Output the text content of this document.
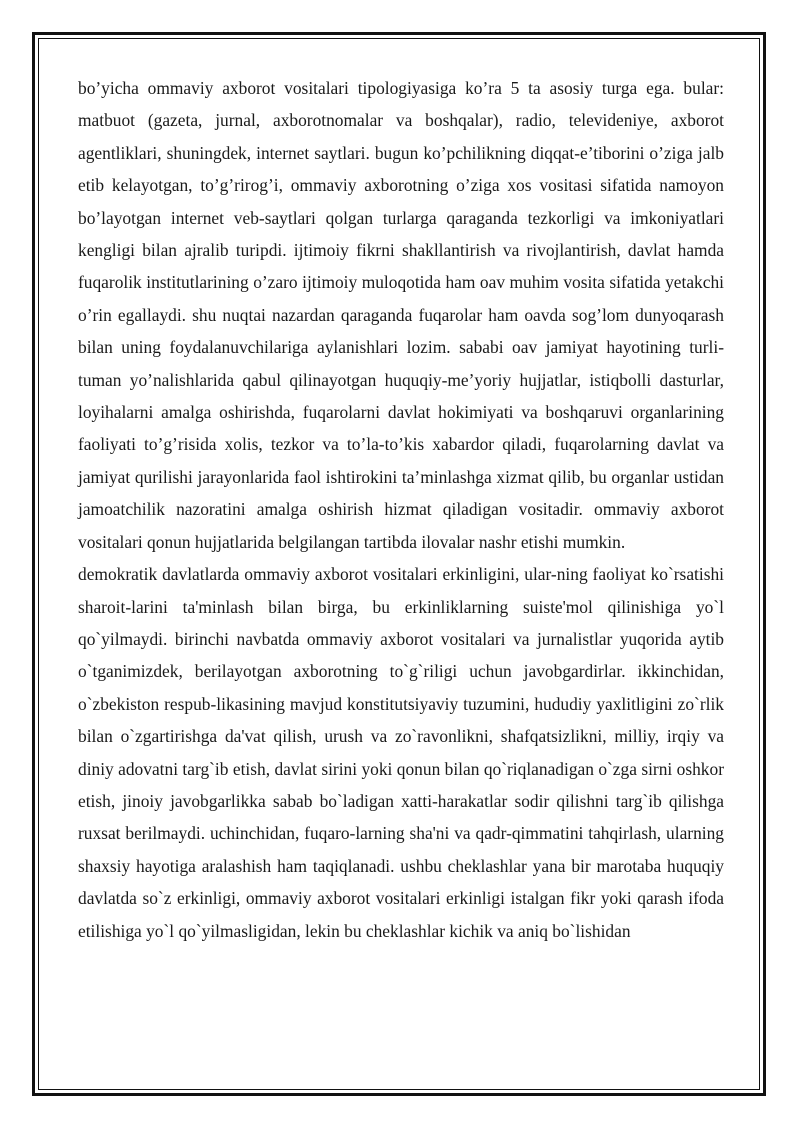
bo’yicha ommaviy axborot vositalari tipologiyasiga ko’ra 5 ta asosiy turga ega. bular: matbuot (gazeta, jurnal, axborotnomalar va boshqalar), radio, televideniye, axborot agentliklari, shuningdek, internet saytlari. bugun ko’pchilikning diqqat-e’tiborini o’ziga jalb etib kelayotgan, to’g’rirog’i, ommaviy axborotning o’ziga xos vositasi sifatida namoyon bo’layotgan internet veb-saytlari qolgan turlarga qaraganda tezkorligi va imkoniyatlari kengligi bilan ajralib turipdi. ijtimoiy fikrni shakllantirish va rivojlantirish, davlat hamda fuqarolik institutlarining o’zaro ijtimoiy muloqotida ham oav muhim vosita sifatida yetakchi o’rin egallaydi. shu nuqtai nazardan qaraganda fuqarolar ham oavda sog’lom dunyoqarash bilan uning foydalanuvchilariga aylanishlari lozim. sababi oav jamiyat hayotining turli-tuman yo’nalishlarida qabul qilinayotgan huquqiy-me’yoriy hujjatlar, istiqbolli dasturlar, loyihalarni amalga oshirishda, fuqarolarni davlat hokimiyati va boshqaruvi organlarining faoliyati to’g’risida xolis, tezkor va to’la-to’kis xabardor qiladi, fuqarolarning davlat va jamiyat qurilishi jarayonlarida faol ishtirokini ta’minlashga xizmat qilib, bu organlar ustidan jamoatchilik nazoratini amalga oshirish hizmat qiladigan vositadir. ommaviy axborot vositalari qonun hujjatlarida belgilangan tartibda ilovalar nashr etishi mumkin.

demokratik davlatlarda ommaviy axborot vositalari erkinligini, ular-ning faoliyat ko`rsatishi sharoit-larini ta'minlash bilan birga, bu erkinliklarning suiste'mol qilinishiga yo`l qo`yilmaydi. birinchi navbatda ommaviy axborot vositalari va jurnalistlar yuqorida aytib o`tganimizdek, berilayotgan axborotning to`g`riligi uchun javobgardirlar. ikkinchidan, o`zbekiston respub-likasining mavjud konstitutsiyaviy tuzumini, hududiy yaxlitligini zo`rlik bilan o`zgartirishga da'vat qilish, urush va zo`ravonlikni, shafqatsizlikni, milliy, irqiy va diniy adovatni targ`ib etish, davlat sirini yoki qonun bilan qo`riqlanadigan o`zga sirni oshkor etish, jinoiy javobgarlikka sabab bo`ladigan xatti-harakatlar sodir qilishni targ`ib qilishga ruxsat berilmaydi. uchinchidan, fuqaro-larning sha'ni va qadr-qimmatini tahqirlash, ularning shaxsiy hayotiga aralashish ham taqiqlanadi. ushbu cheklashlar yana bir marotaba huquqiy davlatda so`z erkinligi, ommaviy axborot vositalari erkinligi istalgan fikr yoki qarash ifoda etilishiga yo`l qo`yilmasligidan, lekin bu cheklashlar kichik va aniq bo`lishidan
